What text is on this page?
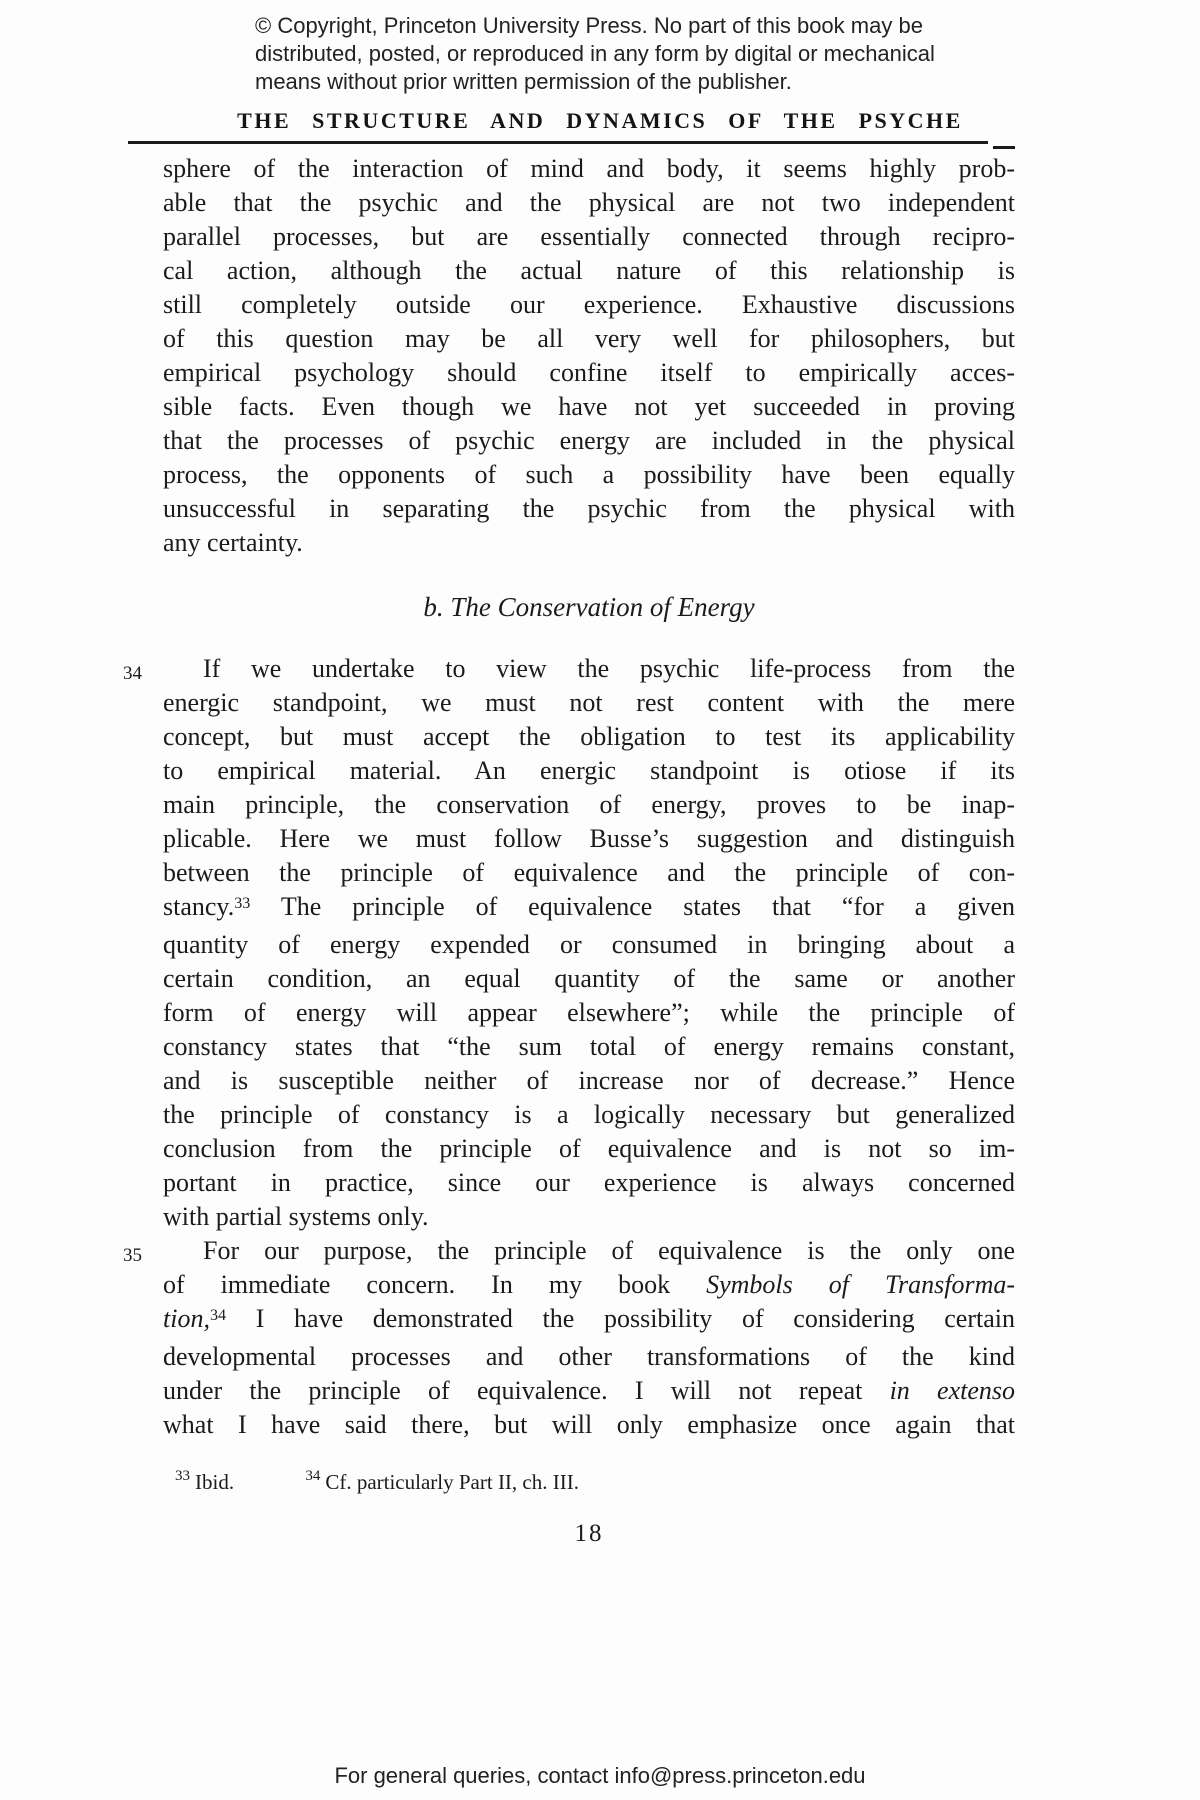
© Copyright, Princeton University Press. No part of this book may be
distributed, posted, or reproduced in any form by digital or mechanical
means without prior written permission of the publisher.
THE STRUCTURE AND DYNAMICS OF THE PSYCHE
sphere of the interaction of mind and body, it seems highly prob-
able that the psychic and the physical are not two independent
parallel processes, but are essentially connected through recipro-
cal action, although the actual nature of this relationship is
still completely outside our experience. Exhaustive discussions
of this question may be all very well for philosophers, but
empirical psychology should confine itself to empirically acces-
sible facts. Even though we have not yet succeeded in proving
that the processes of psychic energy are included in the physical
process, the opponents of such a possibility have been equally
unsuccessful in separating the psychic from the physical with
any certainty.
b. The Conservation of Energy
34	If we undertake to view the psychic life-process from the
energic standpoint, we must not rest content with the mere
concept, but must accept the obligation to test its applicability
to empirical material. An energic standpoint is otiose if its
main principle, the conservation of energy, proves to be inap-
plicable. Here we must follow Busse’s suggestion and distinguish
between the principle of equivalence and the principle of con-
stancy.$^{33}$ The principle of equivalence states that “for a given
quantity of energy expended or consumed in bringing about a
certain condition, an equal quantity of the same or another
form of energy will appear elsewhere”; while the principle of
constancy states that “the sum total of energy remains constant,
and is susceptible neither of increase nor of decrease.” Hence
the principle of constancy is a logically necessary but generalized
conclusion from the principle of equivalence and is not so im-
portant in practice, since our experience is always concerned
with partial systems only.
35	For our purpose, the principle of equivalence is the only one
of immediate concern. In my book Symbols of Transforma-
tion,$^{34}$ I have demonstrated the possibility of considering certain
developmental processes and other transformations of the kind
under the principle of equivalence. I will not repeat in extenso
what I have said there, but will only emphasize once again that
$^{33}$ Ibid.	$^{34}$ Cf. particularly Part II, ch. III.
18
For general queries, contact info@press.princeton.edu
